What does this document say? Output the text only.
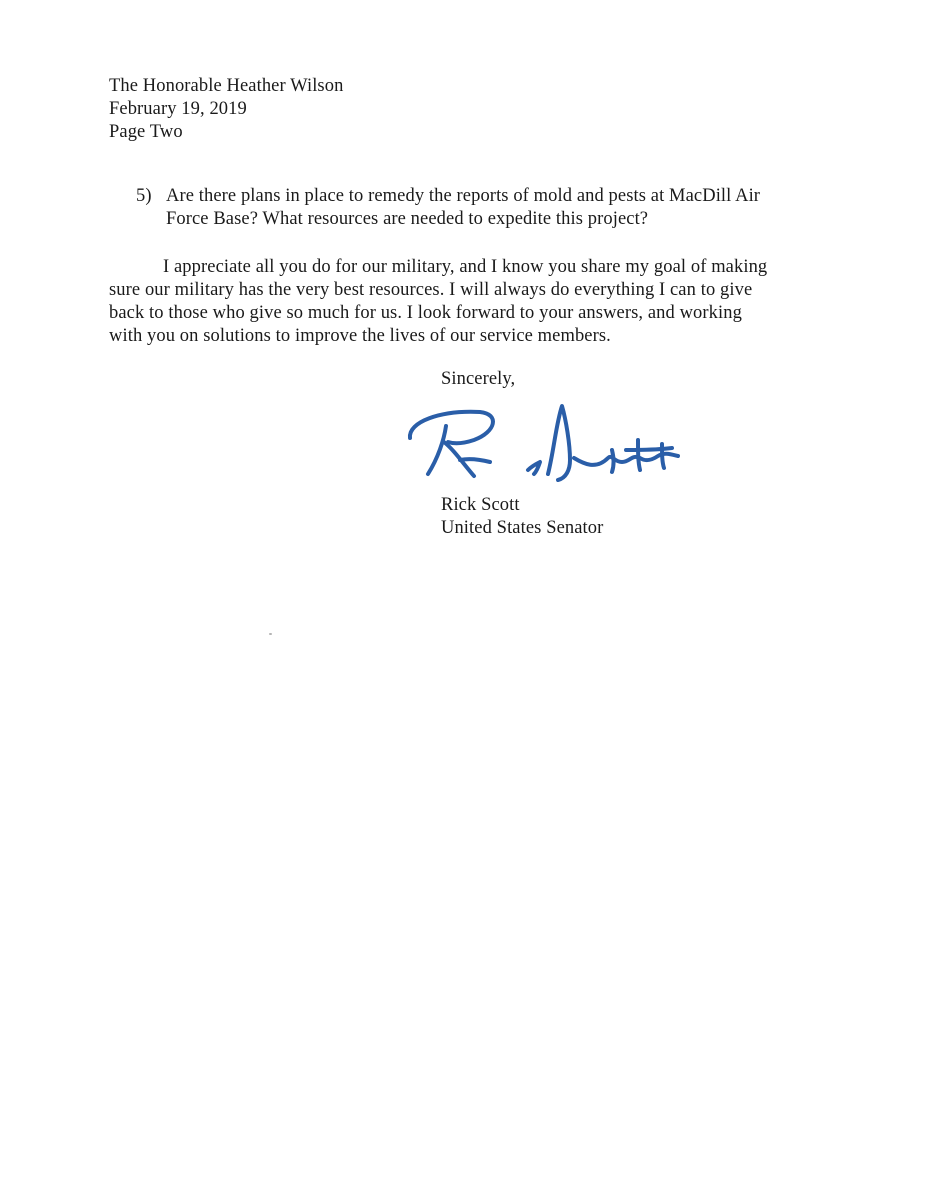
The Honorable Heather Wilson
February 19, 2019
Page Two
5) Are there plans in place to remedy the reports of mold and pests at MacDill Air
Force Base? What resources are needed to expedite this project?
I appreciate all you do for our military, and I know you share my goal of making
sure our military has the very best resources. I will always do everything I can to give
back to those who give so much for us. I look forward to your answers, and working
with you on solutions to improve the lives of our service members.
Sincerely,
Rick Scott
United States Senator
